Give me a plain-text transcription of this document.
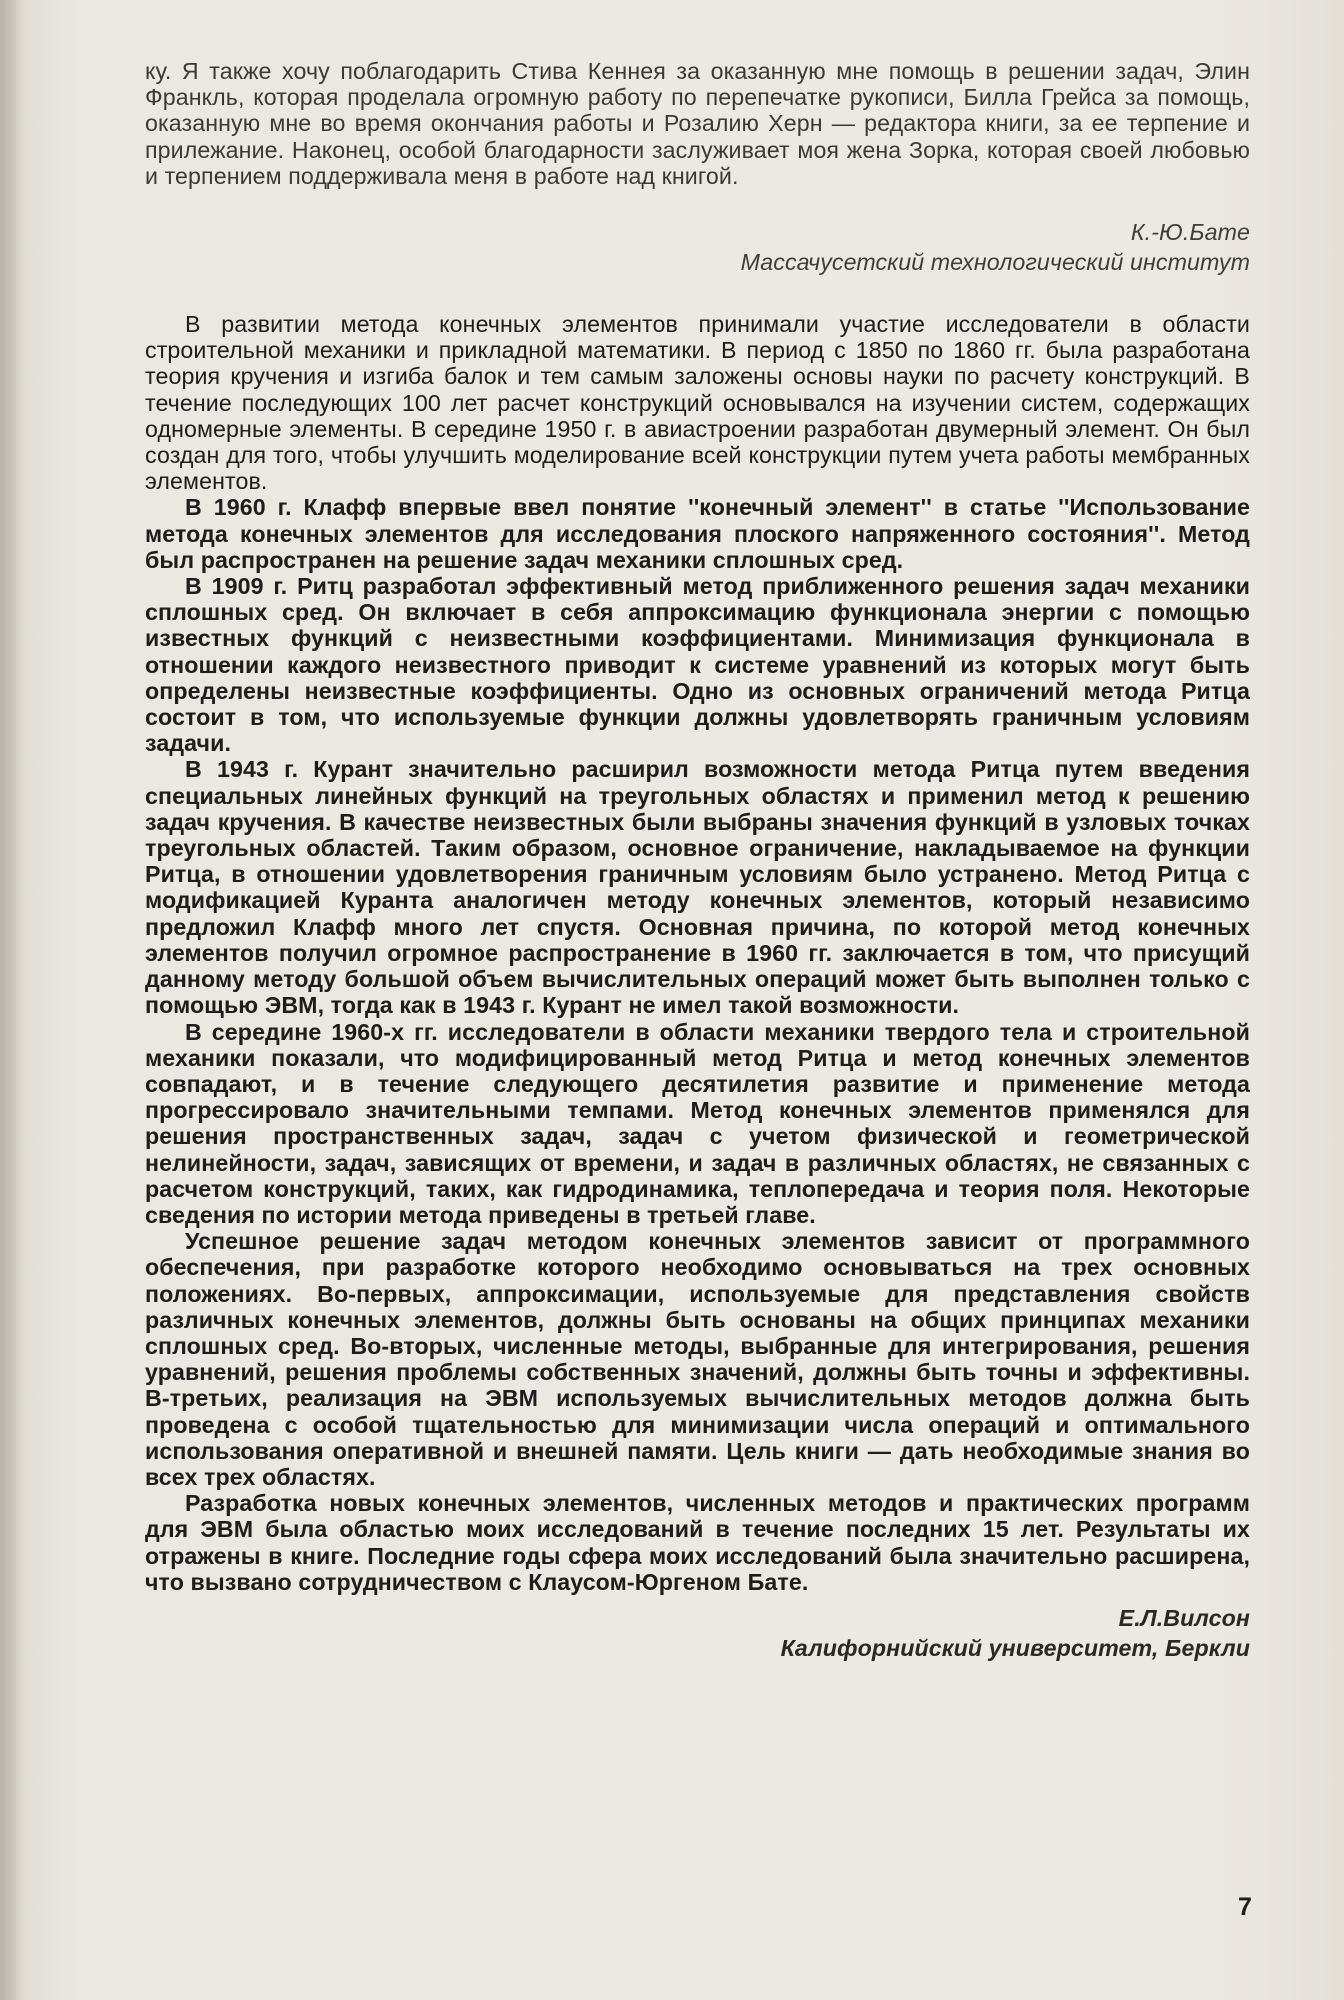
ку. Я также хочу поблагодарить Стива Кеннея за оказанную мне помощь в решении задач, Элин Франкль, которая проделала огромную работу по перепечатке рукописи, Билла Грейса за помощь, оказанную мне во время окончания работы и Розалию Херн — редактора книги, за ее терпение и прилежание. Наконец, особой благодарности заслуживает моя жена Зорка, которая своей любовью и терпением поддерживала меня в работе над книгой.

К.-Ю.Бате
Массачусетский технологический институт

В развитии метода конечных элементов принимали участие исследователи в области строительной механики и прикладной математики. В период с 1850 по 1860 гг. была разработана теория кручения и изгиба балок и тем самым заложены основы науки по расчету конструкций. В течение последующих 100 лет расчет конструкций основывался на изучении систем, содержащих одномерные элементы. В середине 1950 г. в авиастроении разработан двумерный элемент. Он был создан для того, чтобы улучшить моделирование всей конструкции путем учета работы мембранных элементов.

В 1960 г. Клафф впервые ввел понятие ''конечный элемент'' в статье ''Использование метода конечных элементов для исследования плоского напряженного состояния''. Метод был распространен на решение задач механики сплошных сред.

В 1909 г. Ритц разработал эффективный метод приближенного решения задач механики сплошных сред. Он включает в себя аппроксимацию функционала энергии с помощью известных функций с неизвестными коэффициентами. Минимизация функционала в отношении каждого неизвестного приводит к системе уравнений из которых могут быть определены неизвестные коэффициенты. Одно из основных ограничений метода Ритца состоит в том, что используемые функции должны удовлетворять граничным условиям задачи.

В 1943 г. Курант значительно расширил возможности метода Ритца путем введения специальных линейных функций на треугольных областях и применил метод к решению задач кручения. В качестве неизвестных были выбраны значения функций в узловых точках треугольных областей. Таким образом, основное ограничение, накладываемое на функции Ритца, в отношении удовлетворения граничным условиям было устранено. Метод Ритца с модификацией Куранта аналогичен методу конечных элементов, который независимо предложил Клафф много лет спустя. Основная причина, по которой метод конечных элементов получил огромное распространение в 1960 гг. заключается в том, что присущий данному методу большой объем вычислительных операций может быть выполнен только с помощью ЭВМ, тогда как в 1943 г. Курант не имел такой возможности.

В середине 1960-х гг. исследователи в области механики твердого тела и строительной механики показали, что модифицированный метод Ритца и метод конечных элементов совпадают, и в течение следующего десятилетия развитие и применение метода прогрессировало значительными темпами. Метод конечных элементов применялся для решения пространственных задач, задач с учетом физической и геометрической нелинейности, задач, зависящих от времени, и задач в различных областях, не связанных с расчетом конструкций, таких, как гидродинамика, теплопередача и теория поля. Некоторые сведения по истории метода приведены в третьей главе.

Успешное решение задач методом конечных элементов зависит от программного обеспечения, при разработке которого необходимо основываться на трех основных положениях. Во-первых, аппроксимации, используемые для представления свойств различных конечных элементов, должны быть основаны на общих принципах механики сплошных сред. Во-вторых, численные методы, выбранные для интегрирования, решения уравнений, решения проблемы собственных значений, должны быть точны и эффективны. В-третьих, реализация на ЭВМ используемых вычислительных методов должна быть проведена с особой тщательностью для минимизации числа операций и оптимального использования оперативной и внешней памяти. Цель книги — дать необходимые знания во всех трех областях.

Разработка новых конечных элементов, численных методов и практических программ для ЭВМ была областью моих исследований в течение последних 15 лет. Результаты их отражены в книге. Последние годы сфера моих исследований была значительно расширена, что вызвано сотрудничеством с Клаусом-Юргеном Бате.

Е.Л.Вилсон
Калифорнийский университет, Беркли
7
